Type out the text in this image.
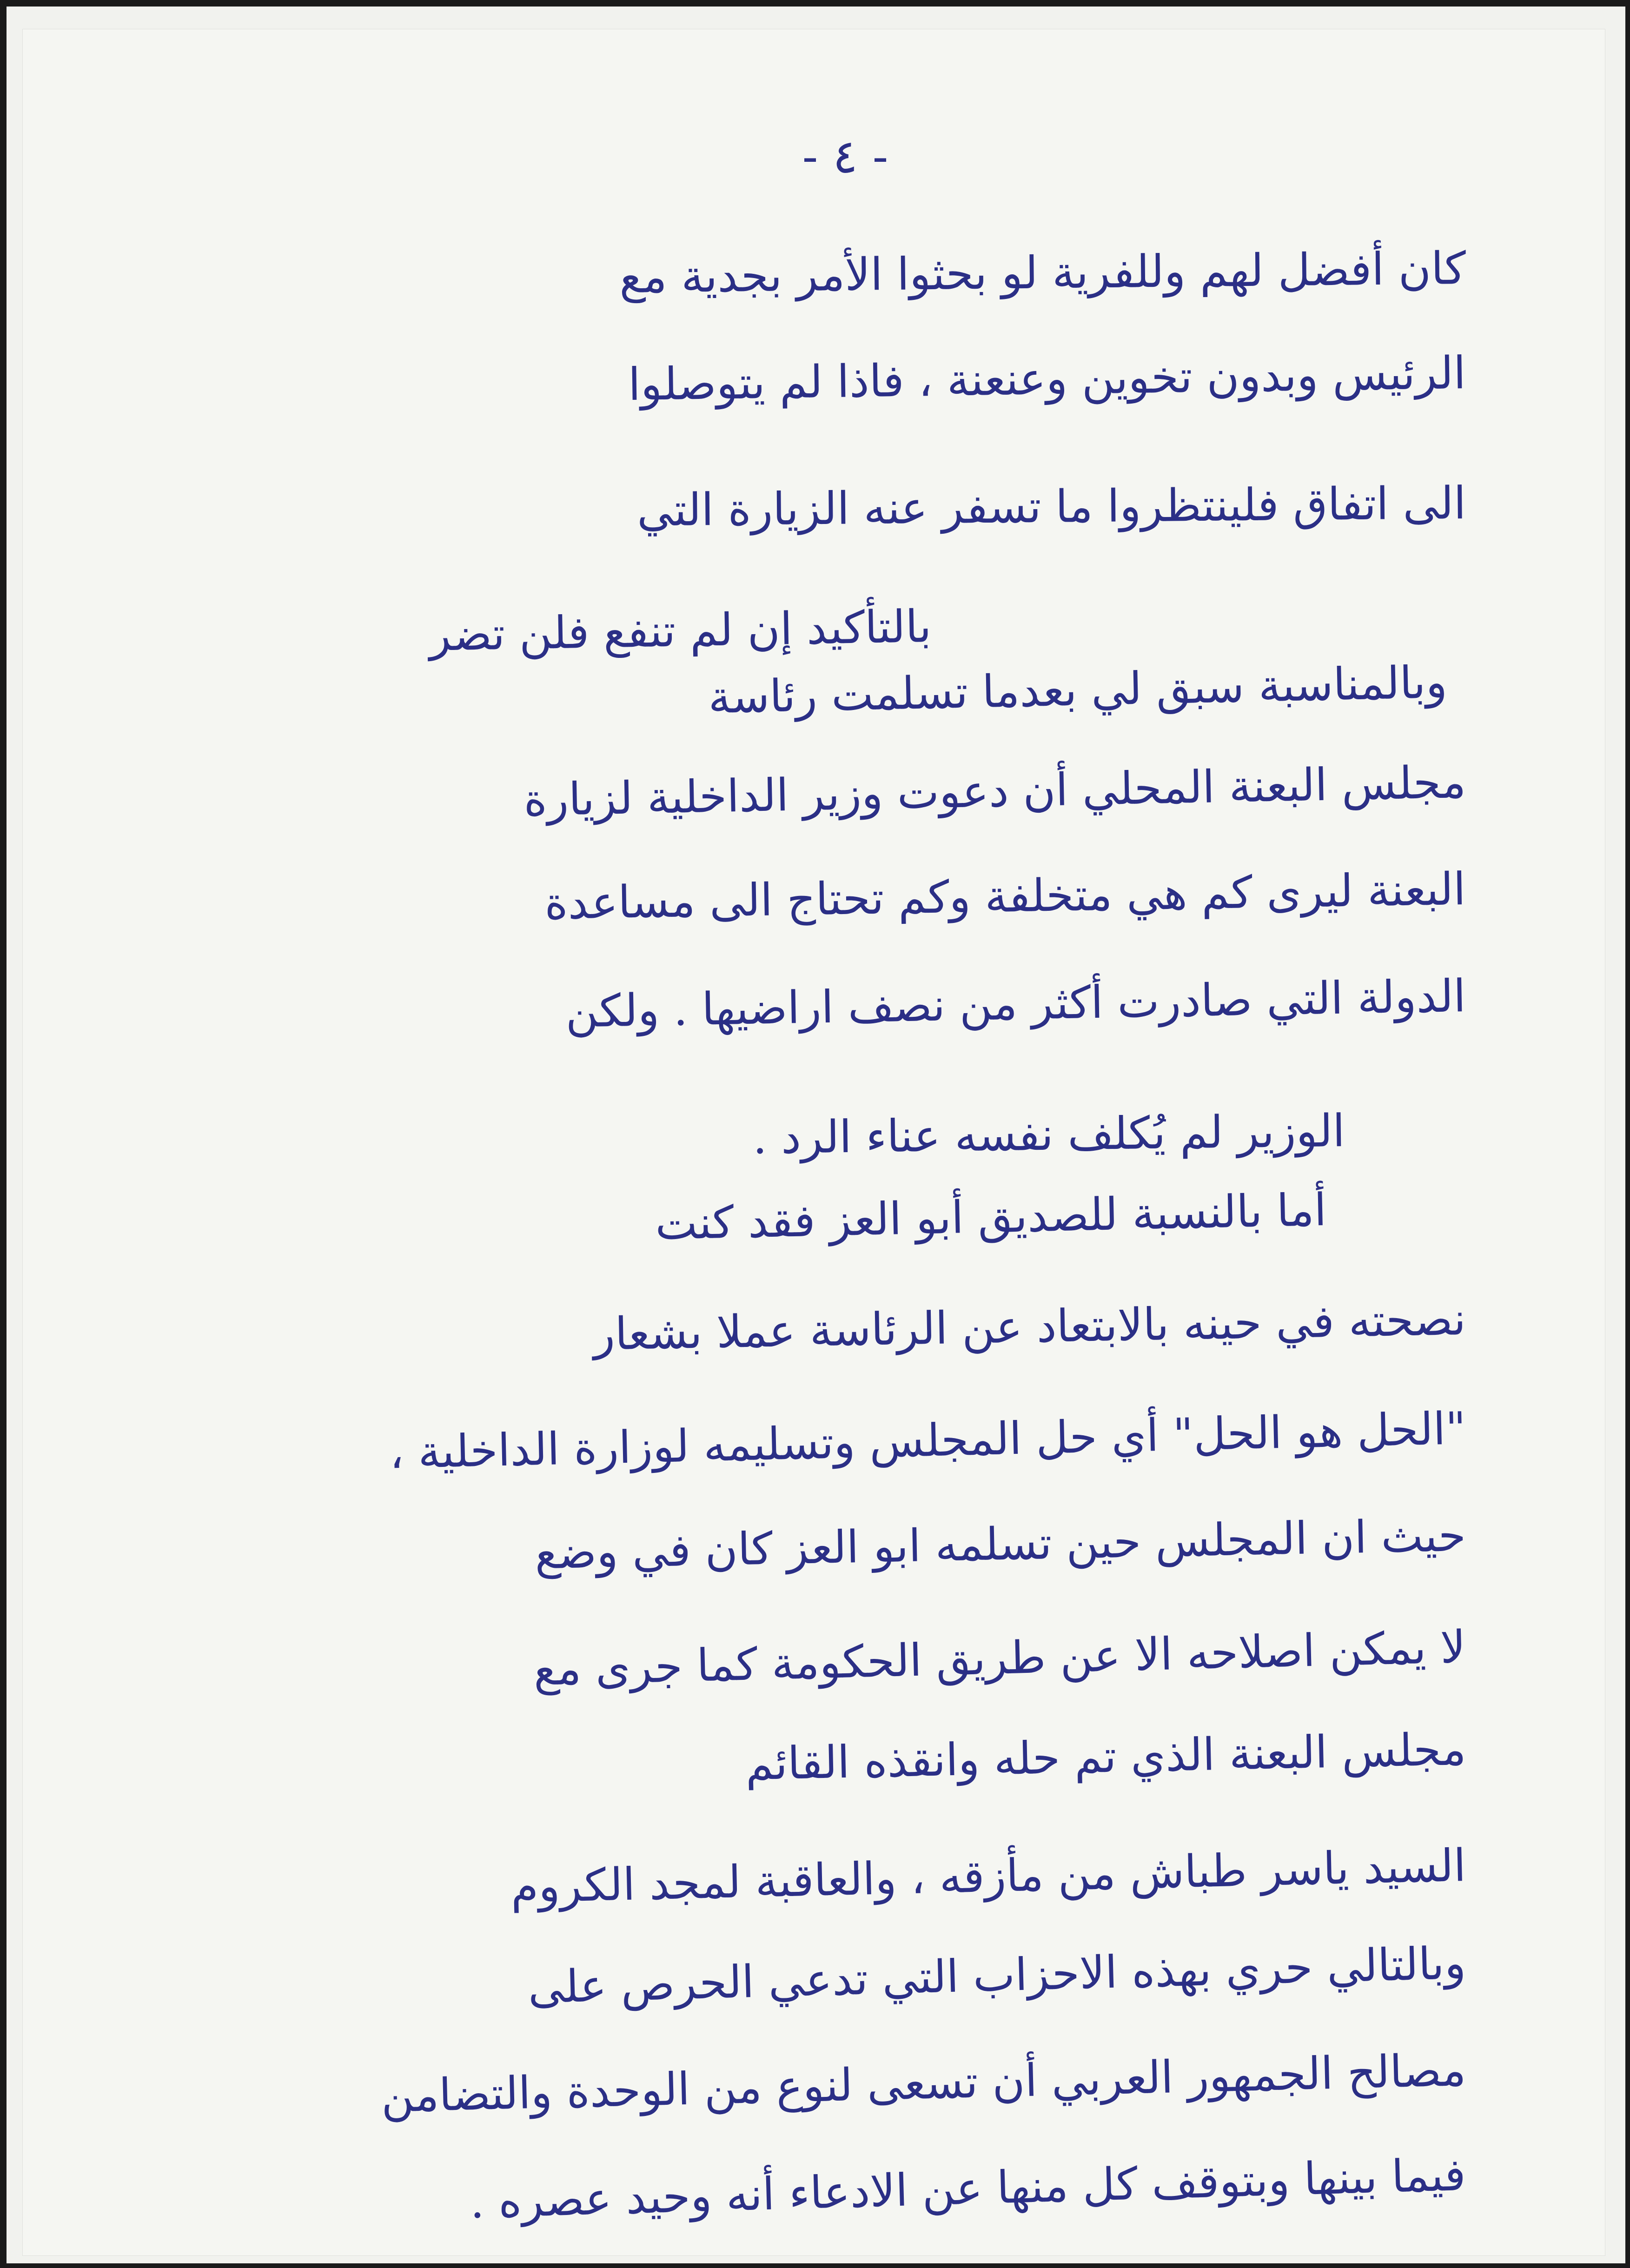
- ٤ -
كان أفضل لهم وللفرية لو بحثوا الأمر بجدية مع
الرئيس وبدون تخوين وعنعنة ، فاذا لم يتوصلوا
الى اتفاق فلينتظروا ما تسفر عنه الزيارة التي
بالتأكيد إن لم تنفع فلن تضر
وبالمناسبة سبق لي بعدما تسلمت رئاسة
مجلس البعنة المحلي أن دعوت وزير الداخلية لزيارة
البعنة ليرى كم هي متخلفة وكم تحتاج الى مساعدة
الدولة التي صادرت أكثر من نصف اراضيها . ولكن
الوزير لم يُكلف نفسه عناء الرد .
أما بالنسبة للصديق أبو العز فقد كنت
نصحته في حينه بالابتعاد عن الرئاسة عملا بشعار
"الحل هو الحل" أي حل المجلس وتسليمه لوزارة الداخلية ،
حيث ان المجلس حين تسلمه ابو العز كان في وضع
لا يمكن اصلاحه الا عن طريق الحكومة كما جرى مع
مجلس البعنة الذي تم حله وانقذه القائم
السيد ياسر طباش من مأزقه ، والعاقبة لمجد الكروم
وبالتالي حري بهذه الاحزاب التي تدعي الحرص على
مصالح الجمهور العربي أن تسعى لنوع من الوحدة والتضامن
فيما بينها وبتوقف كل منها عن الادعاء أنه وحيد عصره .
